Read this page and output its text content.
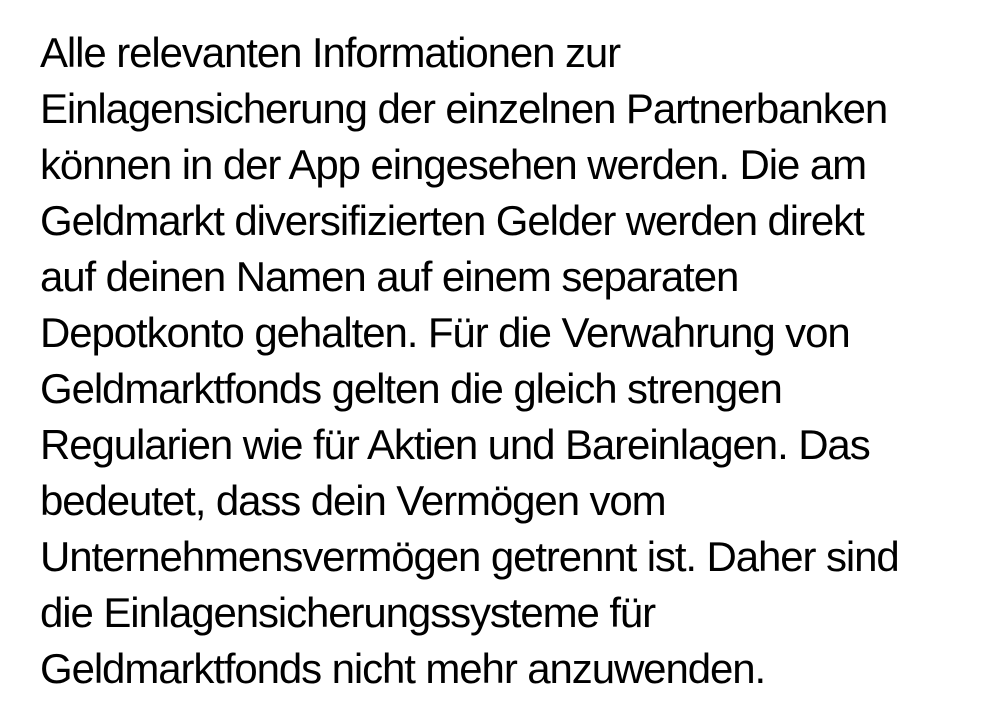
Alle relevanten Informationen zur
Einlagensicherung der einzelnen Partnerbanken
können in der App eingesehen werden. Die am
Geldmarkt diversifizierten Gelder werden direkt
auf deinen Namen auf einem separaten
Depotkonto gehalten. Für die Verwahrung von
Geldmarktfonds gelten die gleich strengen
Regularien wie für Aktien und Bareinlagen. Das
bedeutet, dass dein Vermögen vom
Unternehmensvermögen getrennt ist. Daher sind
die Einlagensicherungssysteme für
Geldmarktfonds nicht mehr anzuwenden.
